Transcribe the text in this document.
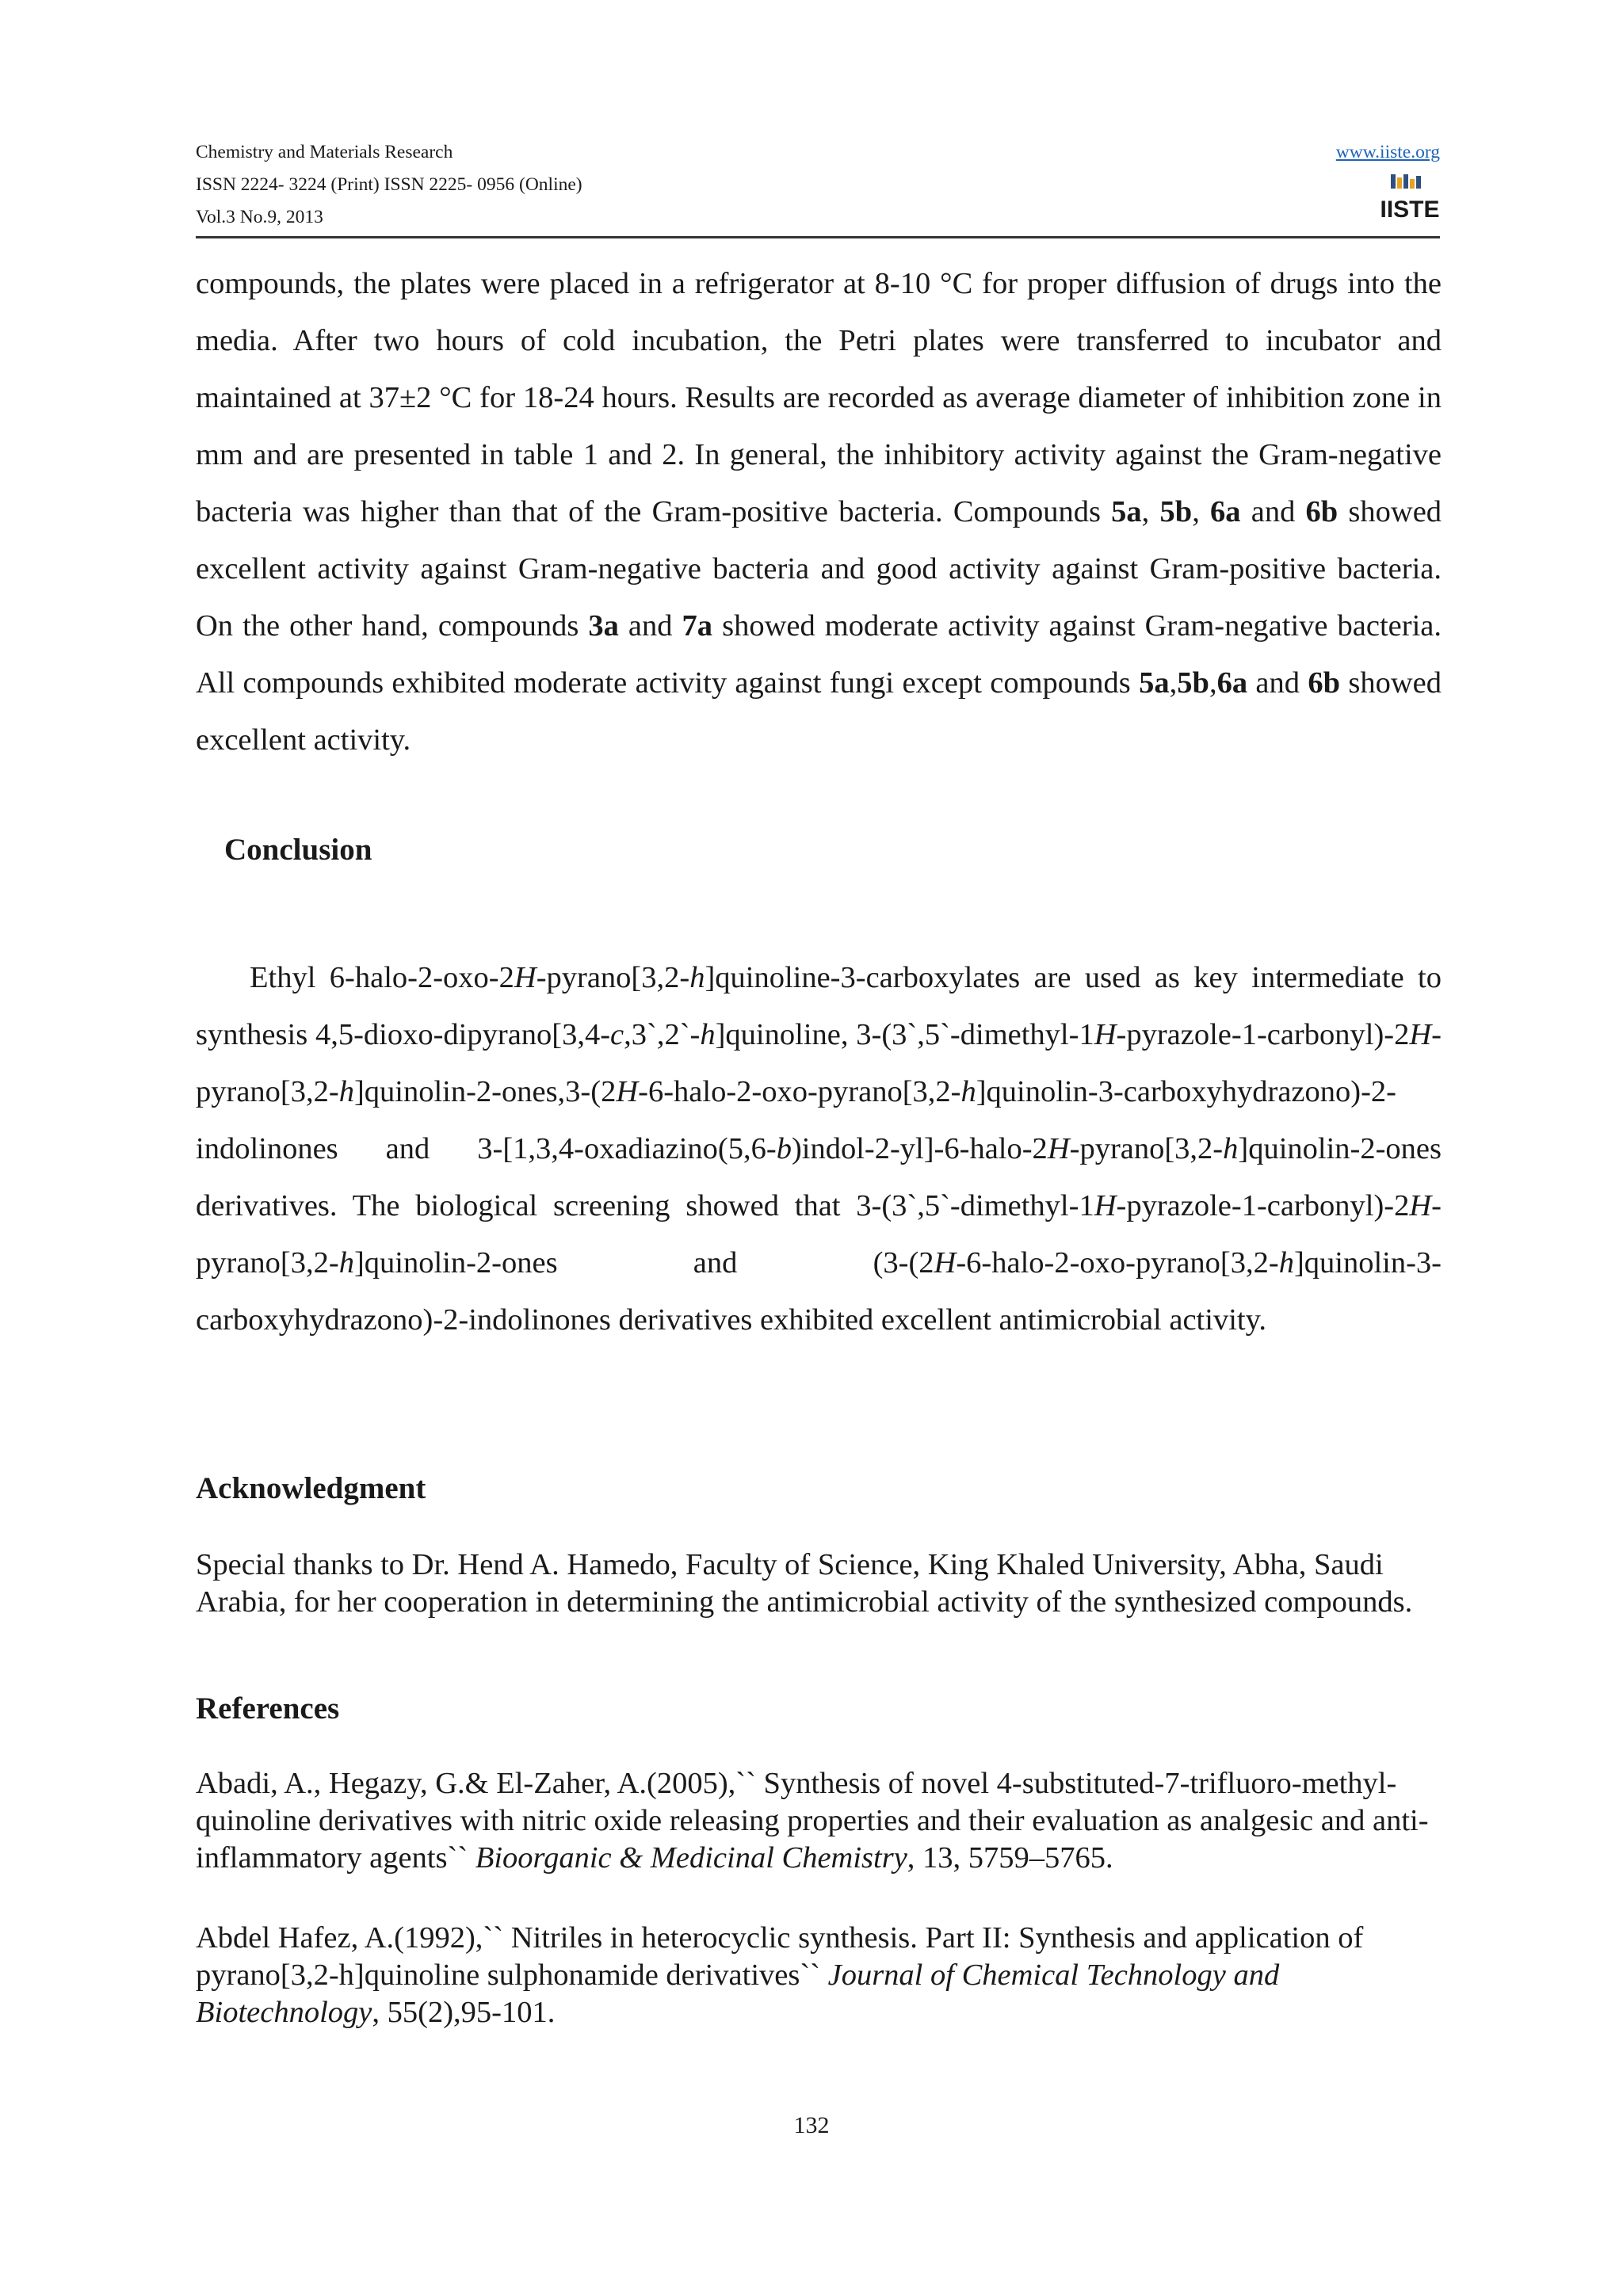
Chemistry and Materials Research
ISSN 2224- 3224 (Print) ISSN 2225- 0956 (Online)
Vol.3 No.9, 2013
www.iiste.org
IISTE

compounds, the plates were placed in a refrigerator at 8-10 °C for proper diffusion of drugs into the media. After two hours of cold incubation, the Petri plates were transferred to incubator and maintained at 37±2 °C for 18-24 hours. Results are recorded as average diameter of inhibition zone in mm and are presented in table 1 and 2. In general, the inhibitory activity against the Gram-negative bacteria was higher than that of the Gram-positive bacteria. Compounds 5a, 5b, 6a and 6b showed excellent activity against Gram-negative bacteria and good activity against Gram-positive bacteria. On the other hand, compounds 3a and 7a showed moderate activity against Gram-negative bacteria. All compounds exhibited moderate activity against fungi except compounds 5a,5b,6a and 6b showed excellent activity.

Conclusion

Ethyl 6-halo-2-oxo-2H-pyrano[3,2-h]quinoline-3-carboxylates are used as key intermediate to synthesis 4,5-dioxo-dipyrano[3,4-c,3`,2`-h]quinoline, 3-(3`,5`-dimethyl-1H-pyrazole-1-carbonyl)-2H-pyrano[3,2-h]quinolin-2-ones,3-(2H-6-halo-2-oxo-pyrano[3,2-h]quinolin-3-carboxyhydrazono)-2-indolinones and 3-[1,3,4-oxadiazino(5,6-b)indol-2-yl]-6-halo-2H-pyrano[3,2-h]quinolin-2-ones derivatives. The biological screening showed that 3-(3`,5`-dimethyl-1H-pyrazole-1-carbonyl)-2H-pyrano[3,2-h]quinolin-2-ones and (3-(2H-6-halo-2-oxo-pyrano[3,2-h]quinolin-3-carboxyhydrazono)-2-indolinones derivatives exhibited excellent antimicrobial activity.

Acknowledgment

Special thanks to Dr. Hend A. Hamedo, Faculty of Science, King Khaled University, Abha, Saudi Arabia, for her cooperation in determining the antimicrobial activity of the synthesized compounds.

References

Abadi, A., Hegazy, G.& El-Zaher, A.(2005),`` Synthesis of novel 4-substituted-7-trifluoro-methyl-quinoline derivatives with nitric oxide releasing properties and their evaluation as analgesic and anti-inflammatory agents`` Bioorganic & Medicinal Chemistry, 13, 5759–5765.

Abdel Hafez, A.(1992),`` Nitriles in heterocyclic synthesis. Part II: Synthesis and application of pyrano[3,2-h]quinoline sulphonamide derivatives`` Journal of Chemical Technology and Biotechnology, 55(2),95-101.

132
